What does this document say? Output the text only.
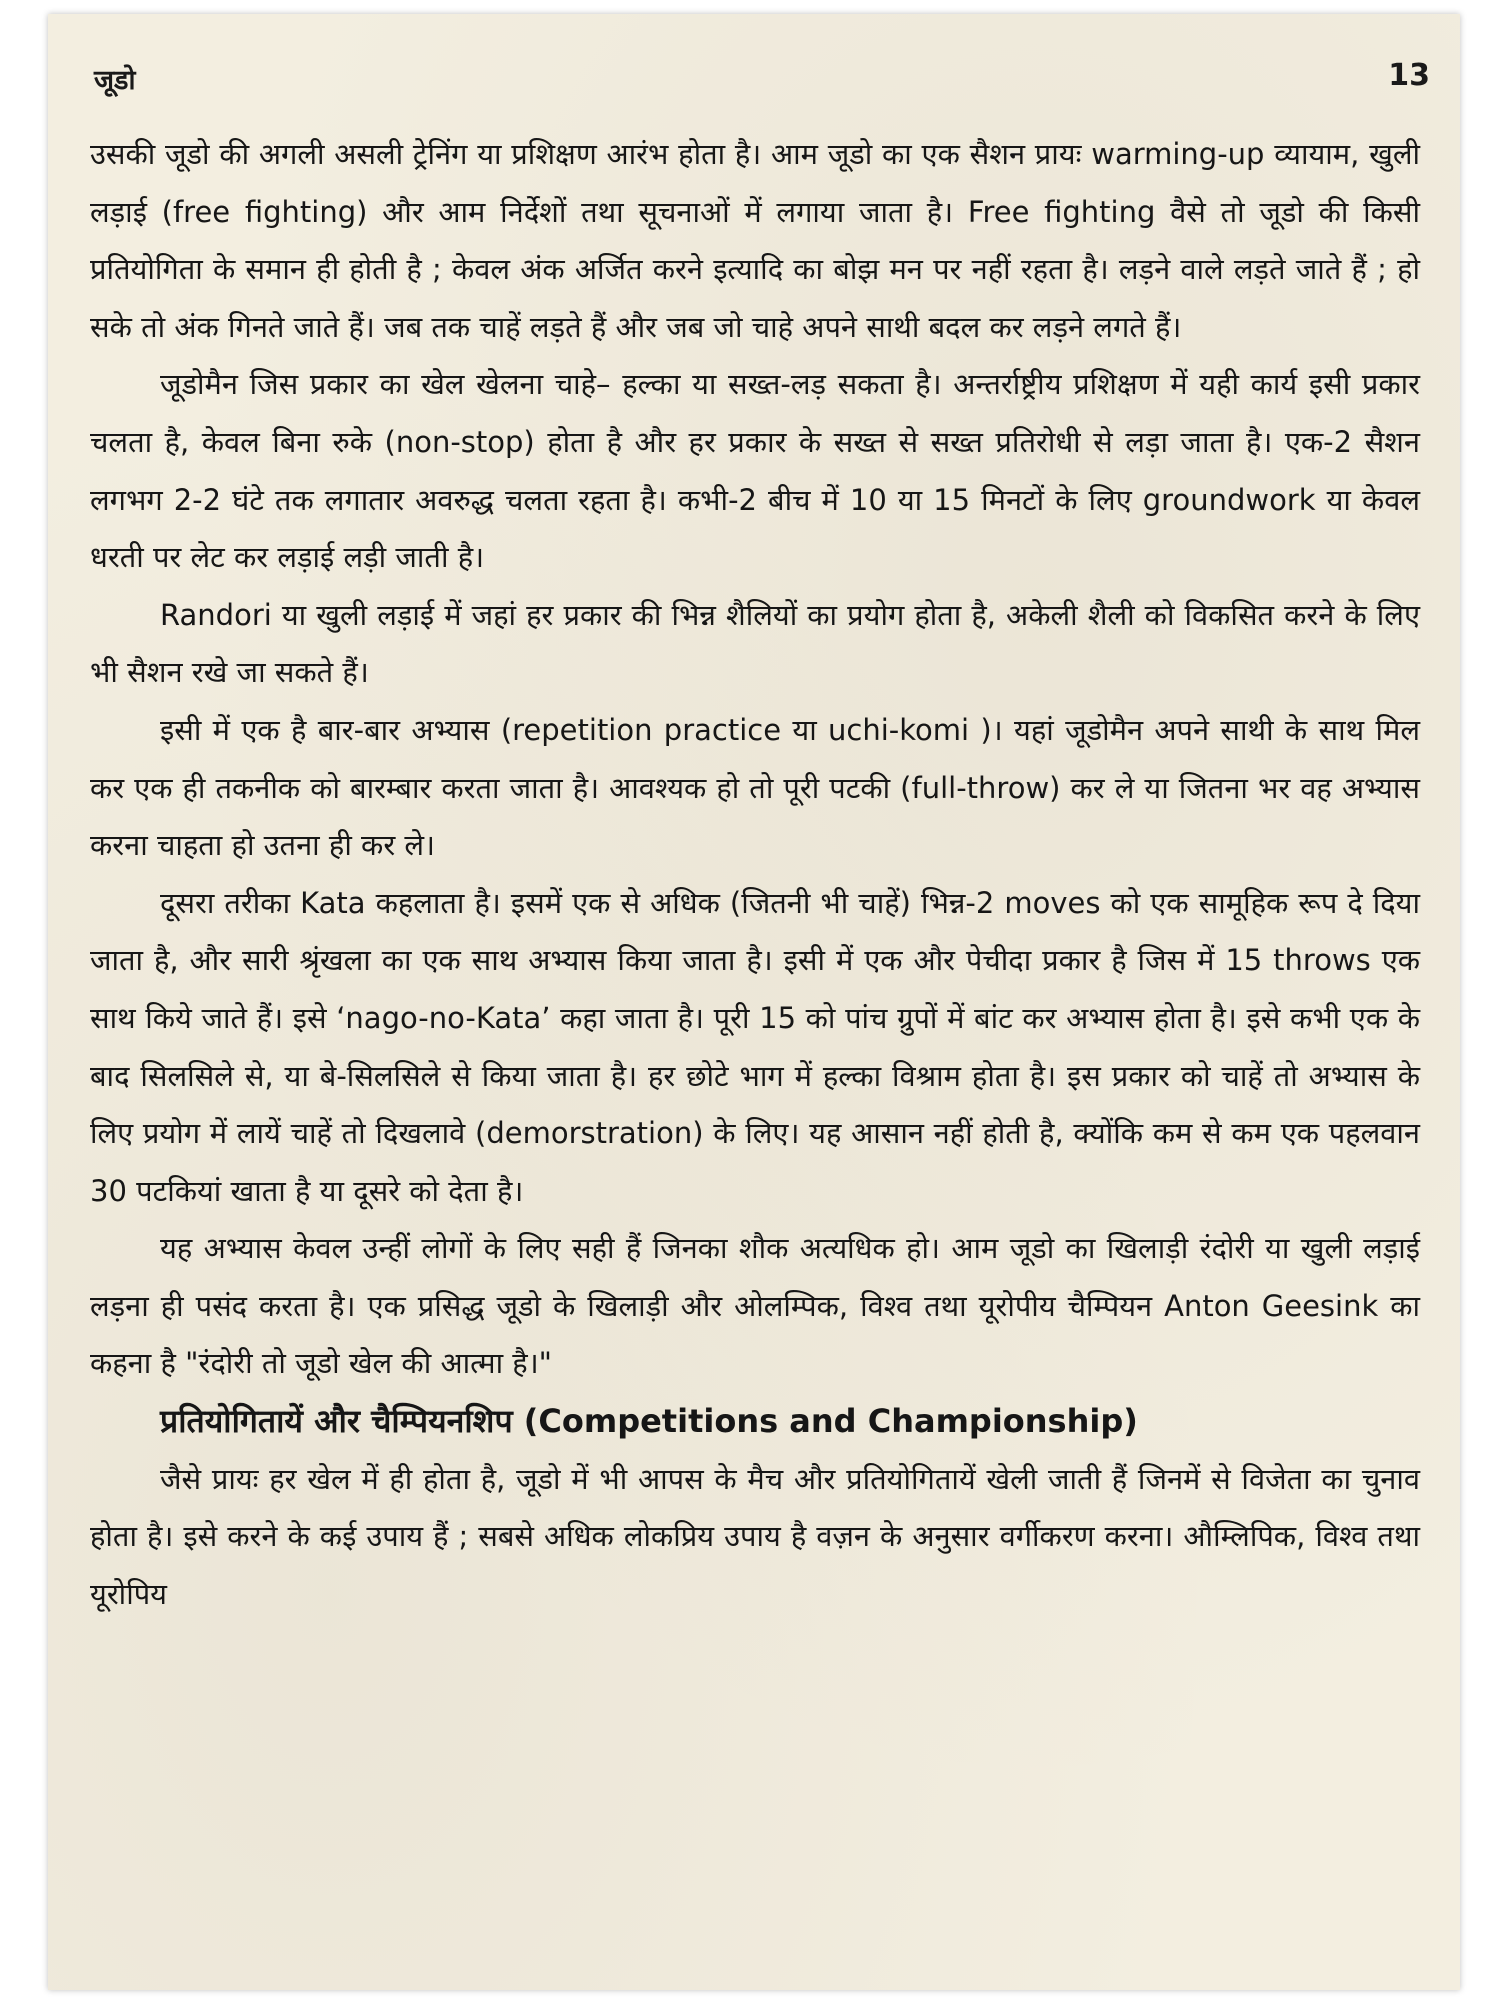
जूडो	13

उसकी जूडो की अगली असली ट्रेनिंग या प्रशिक्षण आरंभ होता है। आम जूडो का एक सैशन प्रायः warming-up व्यायाम, खुली लड़ाई (free fighting) और आम निर्देशों तथा सूचनाओं में लगाया जाता है। Free fighting वैसे तो जूडो की किसी प्रतियोगिता के समान ही होती है ; केवल अंक अर्जित करने इत्यादि का बोझ मन पर नहीं रहता है। लड़ने वाले लड़ते जाते हैं ; हो सके तो अंक गिनते जाते हैं। जब तक चाहें लड़ते हैं और जब जो चाहे अपने साथी बदल कर लड़ने लगते हैं।

जूडोमैन जिस प्रकार का खेल खेलना चाहे– हल्का या सख्त-लड़ सकता है। अन्तर्राष्ट्रीय प्रशिक्षण में यही कार्य इसी प्रकार चलता है, केवल बिना रुके (non-stop) होता है और हर प्रकार के सख्त से सख्त प्रतिरोधी से लड़ा जाता है। एक-2 सैशन लगभग 2-2 घंटे तक लगातार अवरुद्ध चलता रहता है। कभी-2 बीच में 10 या 15 मिनटों के लिए groundwork या केवल धरती पर लेट कर लड़ाई लड़ी जाती है।

Randori या खुली लड़ाई में जहां हर प्रकार की भिन्न शैलियों का प्रयोग होता है, अकेली शैली को विकसित करने के लिए भी सैशन रखे जा सकते हैं।

इसी में एक है बार-बार अभ्यास (repetition practice या uchi-komi )। यहां जूडोमैन अपने साथी के साथ मिल कर एक ही तकनीक को बारम्बार करता जाता है। आवश्यक हो तो पूरी पटकी (full-throw) कर ले या जितना भर वह अभ्यास करना चाहता हो उतना ही कर ले।

दूसरा तरीका Kata कहलाता है। इसमें एक से अधिक (जितनी भी चाहें) भिन्न-2 moves को एक सामूहिक रूप दे दिया जाता है, और सारी श्रृंखला का एक साथ अभ्यास किया जाता है। इसी में एक और पेचीदा प्रकार है जिस में 15 throws एक साथ किये जाते हैं। इसे ‘nago-no-Kata’ कहा जाता है। पूरी 15 को पांच ग्रुपों में बांट कर अभ्यास होता है। इसे कभी एक के बाद सिलसिले से, या बे-सिलसिले से किया जाता है। हर छोटे भाग में हल्का विश्राम होता है। इस प्रकार को चाहें तो अभ्यास के लिए प्रयोग में लायें चाहें तो दिखलावे (demorstration) के लिए। यह आसान नहीं होती है, क्योंकि कम से कम एक पहलवान 30 पटकियां खाता है या दूसरे को देता है।

यह अभ्यास केवल उन्हीं लोगों के लिए सही हैं जिनका शौक अत्यधिक हो। आम जूडो का खिलाड़ी रंदोरी या खुली लड़ाई लड़ना ही पसंद करता है। एक प्रसिद्ध जूडो के खिलाड़ी और ओलम्पिक, विश्व तथा यूरोपीय चैम्पियन Anton Geesink का कहना है "रंदोरी तो जूडो खेल की आत्मा है।"

प्रतियोगितायें और चैम्पियनशिप (Competitions and Championship)

जैसे प्रायः हर खेल में ही होता है, जूडो में भी आपस के मैच और प्रतियोगितायें खेली जाती हैं जिनमें से विजेता का चुनाव होता है। इसे करने के कई उपाय हैं ; सबसे अधिक लोकप्रिय उपाय है वज़न के अनुसार वर्गीकरण करना। औम्लिपिक, विश्व तथा यूरोपिय
